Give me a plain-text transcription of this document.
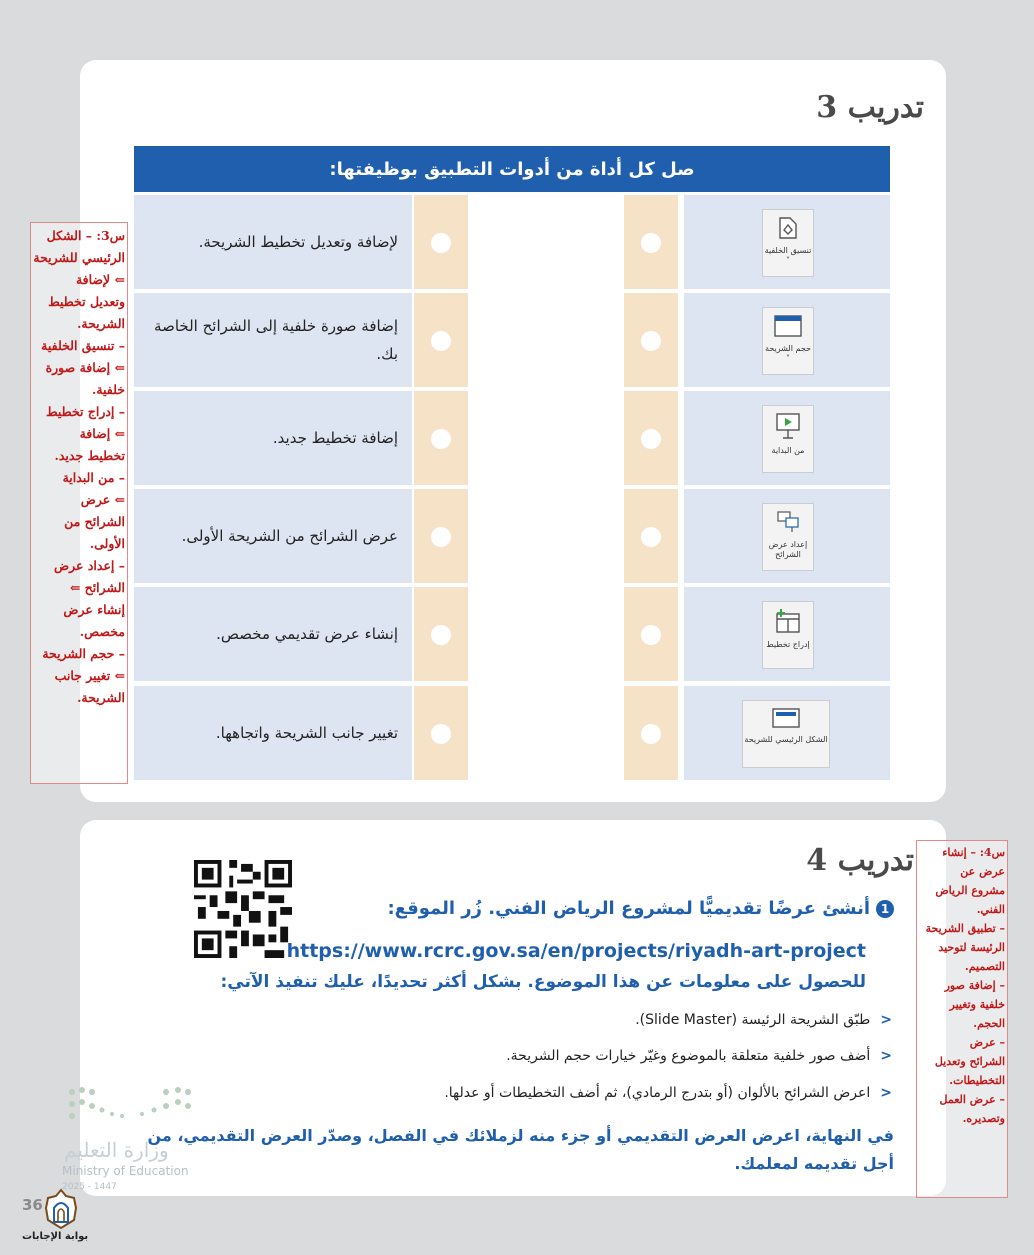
تدريب 3
صل كل أداة من أدوات التطبيق بوظيفتها:
تنسيق الخلفية ˅
لإضافة وتعديل تخطيط الشريحة.
حجم الشريحة ˅
إضافة صورة خلفية إلى الشرائح الخاصة بك.
من البداية
إضافة تخطيط جديد.
إعداد عرض الشرائح
عرض الشرائح من الشريحة الأولى.
إدراج تخطيط
إنشاء عرض تقديمي مخصص.
الشكل الرئيسي للشريحة
تغيير جانب الشريحة واتجاهها.
س3: – الشكل
الرئيسي للشريحة
⇐ لإضافة
وتعديل تخطيط
الشريحة.
– تنسيق الخلفية
⇐ إضافة صورة
خلفية.
– إدراج تخطيط
⇐ إضافة
تخطيط جديد.
– من البداية
⇐ عرض
الشرائح من
الأولى.
– إعداد عرض
الشرائح ⇐
إنشاء عرض
مخصص.
– حجم الشريحة
⇐ تغيير جانب
الشريحة.
تدريب 4
1أنشئ عرضًا تقديميًّا لمشروع الرياض الفني. زُر الموقع:
https://www.rcrc.gov.sa/en/projects/riyadh-art-project
للحصول على معلومات عن هذا الموضوع. بشكل أكثر تحديدًا، عليك تنفيذ الآتي:
<طبّق الشريحة الرئيسة (Slide Master).
<أضف صور خلفية متعلقة بالموضوع وغيّر خيارات حجم الشريحة.
<اعرض الشرائح بالألوان (أو بتدرج الرمادي)، ثم أضف التخطيطات أو عدلها.
في النهاية، اعرض العرض التقديمي أو جزء منه لزملائك في الفصل، وصدّر العرض التقديمي، من
أجل تقديمه لمعلمك.
س4: – إنشاء
عرض عن
مشروع الرياض
الفني.
– تطبيق الشريحة
الرئيسة لتوحيد
التصميم.
– إضافة صور
خلفية وتغيير
الحجم.
– عرض
الشرائح وتعديل
التخطيطات.
– عرض العمل
وتصديره.
وزارة التعليم
Ministry of Education
2025 - 1447
36
بوابة الإجابات
